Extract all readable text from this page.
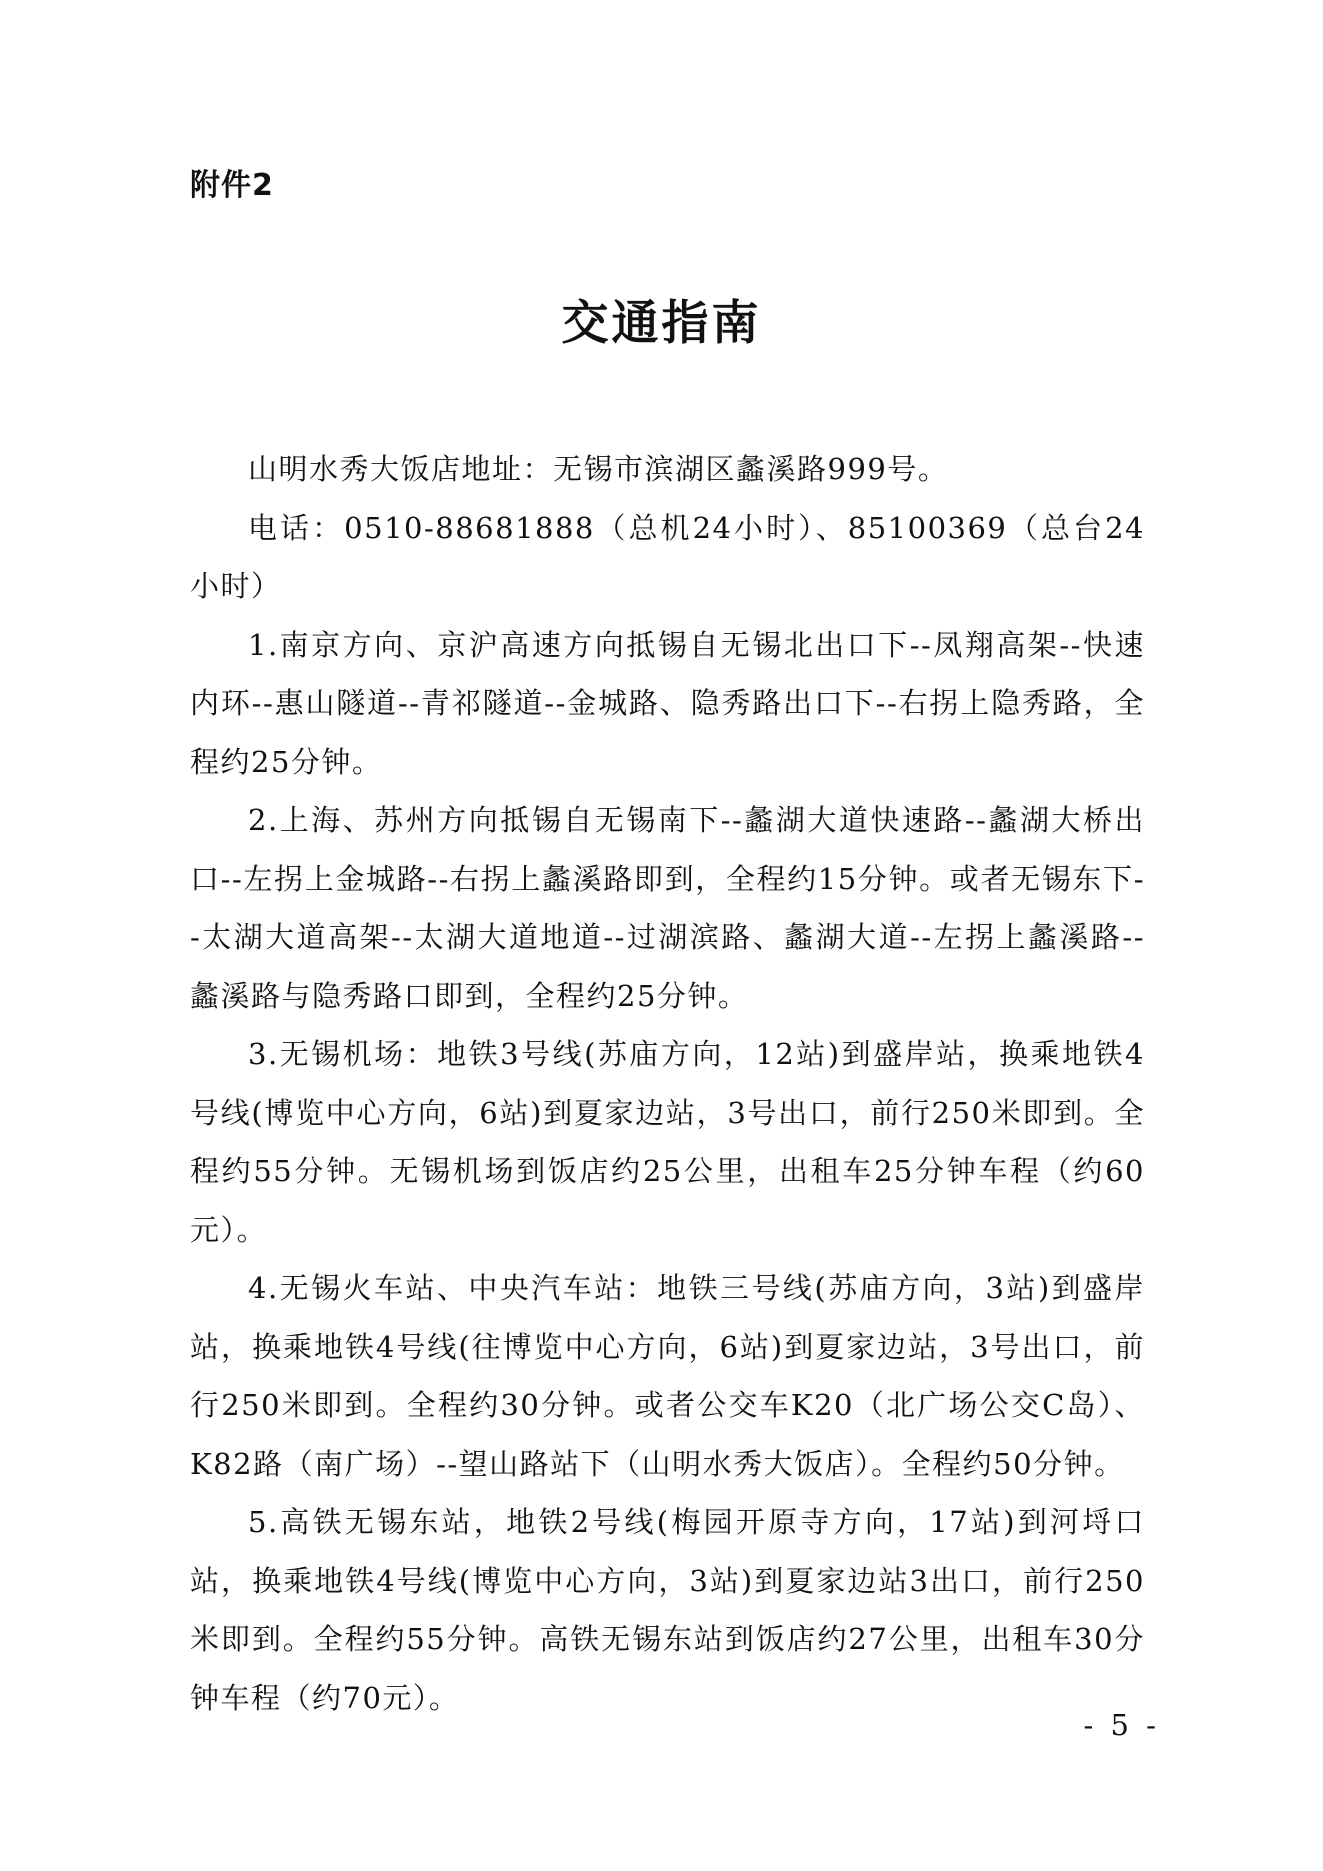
附件2
交通指南

山明水秀大饭店地址：无锡市滨湖区蠡溪路999号。

电话：0510-88681888（总机24小时）、85100369（总台24小时）

1.南京方向、京沪高速方向抵锡自无锡北出口下--凤翔高架--快速内环--惠山隧道--青祁隧道--金城路、隐秀路出口下--右拐上隐秀路，全程约25分钟。

2.上海、苏州方向抵锡自无锡南下--蠡湖大道快速路--蠡湖大桥出口--左拐上金城路--右拐上蠡溪路即到，全程约15分钟。或者无锡东下--太湖大道高架--太湖大道地道--过湖滨路、蠡湖大道--左拐上蠡溪路--蠡溪路与隐秀路口即到，全程约25分钟。

3.无锡机场：地铁3号线(苏庙方向，12站)到盛岸站，换乘地铁4号线(博览中心方向，6站)到夏家边站，3号出口，前行250米即到。全程约55分钟。无锡机场到饭店约25公里，出租车25分钟车程（约60元）。

4.无锡火车站、中央汽车站：地铁三号线(苏庙方向，3站)到盛岸站，换乘地铁4号线(往博览中心方向，6站)到夏家边站，3号出口，前行250米即到。全程约30分钟。或者公交车K20（北广场公交C岛）、K82路（南广场）--望山路站下（山明水秀大饭店）。全程约50分钟。

5.高铁无锡东站，地铁2号线(梅园开原寺方向，17站)到河埒口站，换乘地铁4号线(博览中心方向，3站)到夏家边站3出口，前行250米即到。全程约55分钟。高铁无锡东站到饭店约27公里，出租车30分钟车程（约70元）。

- 5 -
